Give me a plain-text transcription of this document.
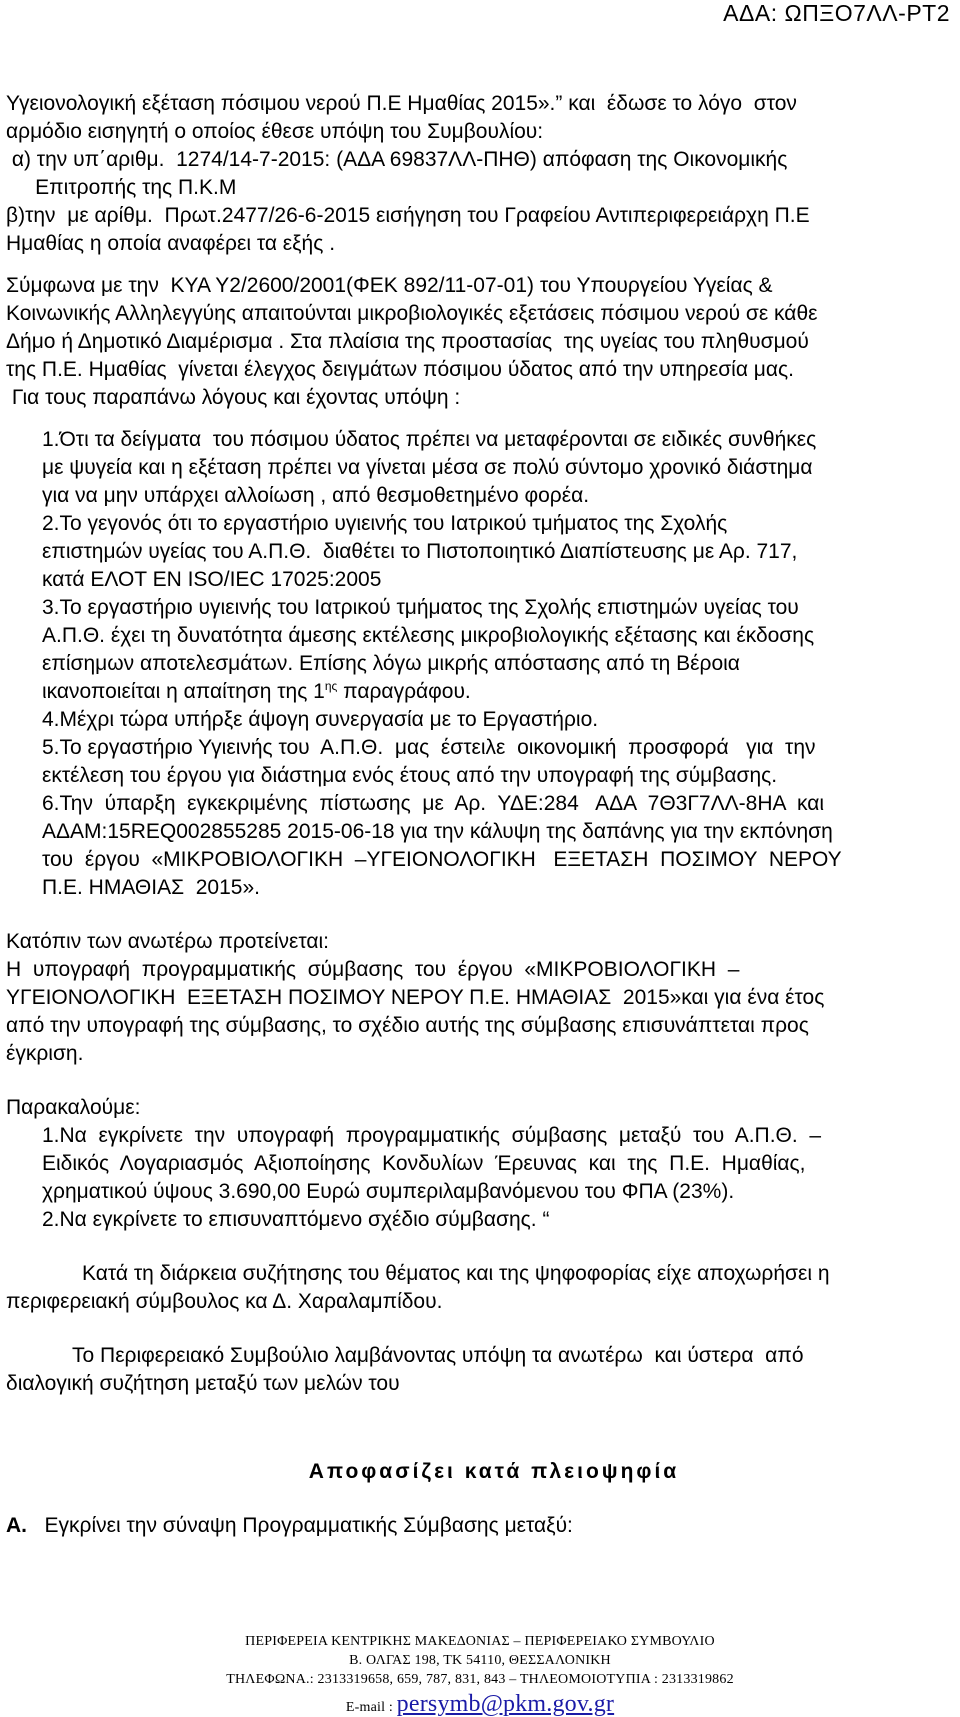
ΑΔΑ: ΩΠΞΟ7ΛΛ-ΡΤ2
Υγειονολογική εξέταση πόσιμου νερού Π.Ε Ημαθίας 2015».” και  έδωσε το λόγο  στον
αρμόδιο εισηγητή ο οποίος έθεσε υπόψη του Συμβουλίου:
α) την υπ΄αριθμ.  1274/14-7-2015: (ΑΔΑ 69837ΛΛ-ΠΗΘ) απόφαση της Οικονομικής
Επιτροπής της Π.Κ.Μ
β)την  με αρίθμ.  Πρωτ.2477/26-6-2015 εισήγηση του Γραφείου Αντιπεριφερειάρχη Π.Ε
Ημαθίας η οποία αναφέρει τα εξής .
Σύμφωνα με την  ΚΥΑ Υ2/2600/2001(ΦΕΚ 892/11-07-01) του Υπουργείου Υγείας &
Κοινωνικής Αλληλεγγύης απαιτούνται μικροβιολογικές εξετάσεις πόσιμου νερού σε κάθε
Δήμο ή Δημοτικό Διαμέρισμα . Στα πλαίσια της προστασίας  της υγείας του πληθυσμού
της Π.Ε. Ημαθίας  γίνεται έλεγχος δειγμάτων πόσιμου ύδατος από την υπηρεσία μας.
Για τους παραπάνω λόγους και έχοντας υπόψη :
1.Ότι τα δείγματα  του πόσιμου ύδατος πρέπει να μεταφέρονται σε ειδικές συνθήκες
με ψυγεία και η εξέταση πρέπει να γίνεται μέσα σε πολύ σύντομο χρονικό διάστημα
για να μην υπάρχει αλλοίωση , από θεσμοθετημένο φορέα.
2.Το γεγονός ότι το εργαστήριο υγιεινής του Ιατρικού τμήματος της Σχολής
επιστημών υγείας του Α.Π.Θ.  διαθέτει το Πιστοποιητικό Διαπίστευσης με Αρ. 717,
κατά ΕΛΟΤ ΕΝ ISO/IEC 17025:2005
3.Το εργαστήριο υγιεινής του Ιατρικού τμήματος της Σχολής επιστημών υγείας του
Α.Π.Θ. έχει τη δυνατότητα άμεσης εκτέλεσης μικροβιολογικής εξέτασης και έκδοσης
επίσημων αποτελεσμάτων. Επίσης λόγω μικρής απόστασης από τη Βέροια
ικανοποιείται η απαίτηση της $1^{\eta\varsigma}$ παραγράφου.
4.Μέχρι τώρα υπήρξε άψογη συνεργασία με το Εργαστήριο.
5.Το εργαστήριο Υγιεινής του  Α.Π.Θ.  μας  έστειλε  οικονομική  προσφορά   για  την
εκτέλεση του έργου για διάστημα ενός έτους από την υπογραφή της σύμβασης.
6.Την  ύπαρξη  εγκεκριμένης  πίστωσης  με  Αρ.  ΥΔΕ:284   ΑΔΑ  7Θ3Γ7ΛΛ-8ΗΑ  και
ΑΔΑΜ:15REQ002855285 2015-06-18 για την κάλυψη της δαπάνης για την εκπόνηση
του  έργου  «ΜΙΚΡΟΒΙΟΛΟΓΙΚΗ  –ΥΓΕΙΟΝΟΛΟΓΙΚΗ   ΕΞΕΤΑΣΗ  ΠΟΣΙΜΟΥ  ΝΕΡΟΥ
Π.Ε. ΗΜΑΘΙΑΣ  2015».
Κατόπιν των ανωτέρω προτείνεται:
Η  υπογραφή  προγραμματικής  σύμβασης  του  έργου  «ΜΙΚΡΟΒΙΟΛΟΓΙΚΗ  –
ΥΓΕΙΟΝΟΛΟΓΙΚΗ  ΕΞΕΤΑΣΗ ΠΟΣΙΜΟΥ ΝΕΡΟΥ Π.Ε. ΗΜΑΘΙΑΣ  2015»και για ένα έτος
από την υπογραφή της σύμβασης, το σχέδιο αυτής της σύμβασης επισυνάπτεται προς
έγκριση.
Παρακαλούμε:
1.Να  εγκρίνετε  την  υπογραφή  προγραμματικής  σύμβασης  μεταξύ  του  Α.Π.Θ.  –
Ειδικός  Λογαριασμός  Αξιοποίησης  Κονδυλίων  Έρευνας  και  της  Π.Ε.  Ημαθίας,
χρηματικού ύψους 3.690,00 Ευρώ συμπεριλαμβανόμενου του ΦΠΑ (23%).
2.Να εγκρίνετε το επισυναπτόμενο σχέδιο σύμβασης. “
Κατά τη διάρκεια συζήτησης του θέματος και της ψηφοφορίας είχε αποχωρήσει η
περιφερειακή σύμβουλος κα Δ. Χαραλαμπίδου.
Το Περιφερειακό Συμβούλιο λαμβάνοντας υπόψη τα ανωτέρω  και ύστερα  από
διαλογική συζήτηση μεταξύ των μελών του
Αποφασίζει κατά πλειοψηφία
Α. Εγκρίνει την σύναψη Προγραμματικής Σύμβασης μεταξύ:
ΠΕΡΙΦΕΡΕΙΑ ΚΕΝΤΡΙΚΗΣ ΜΑΚΕΔΟΝΙΑΣ – ΠΕΡΙΦΕΡΕΙΑΚΟ ΣΥΜΒΟΥΛΙΟ
Β. ΟΛΓΑΣ 198, ΤΚ 54110, ΘΕΣΣΑΛΟΝΙΚΗ
ΤΗΛΕΦΩΝΑ.: 2313319658, 659, 787, 831, 843 – ΤΗΛΕΟΜΟΙΟΤΥΠΙΑ : 2313319862
E-mail : persymb@pkm.gov.gr
